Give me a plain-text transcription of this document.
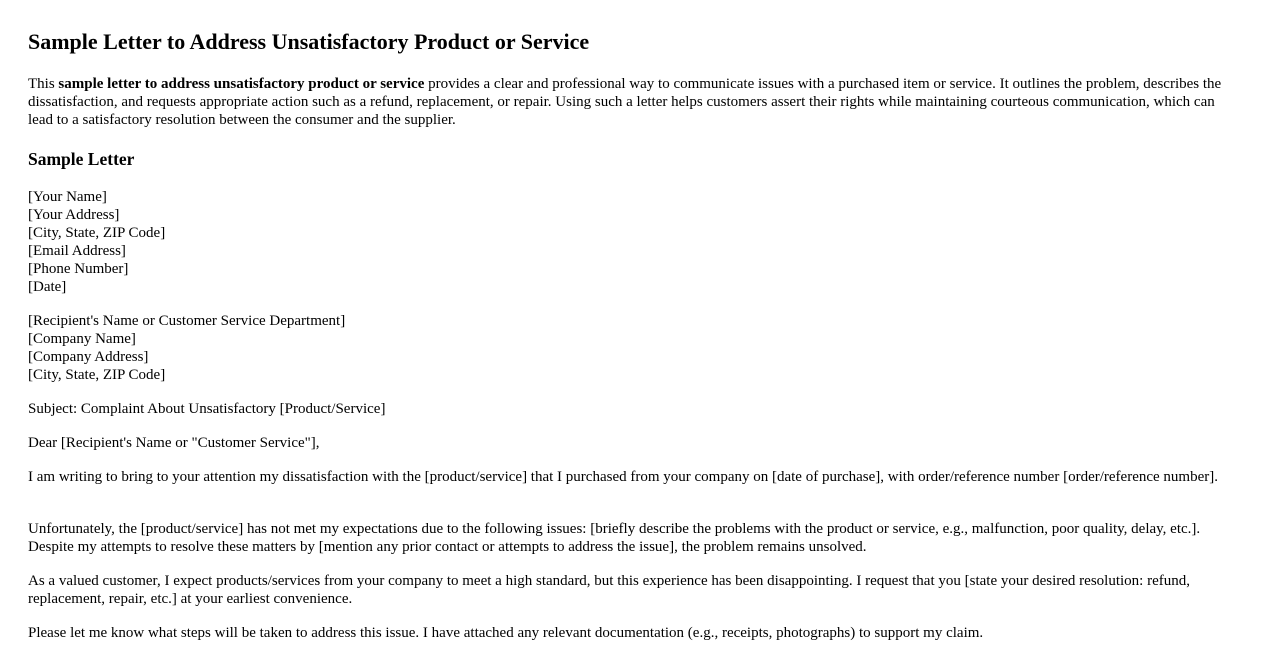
Sample Letter to Address Unsatisfactory Product or Service

This sample letter to address unsatisfactory product or service provides a clear and professional way to communicate issues with a purchased item or service. It outlines the problem, describes the dissatisfaction, and requests appropriate action such as a refund, replacement, or repair. Using such a letter helps customers assert their rights while maintaining courteous communication, which can lead to a satisfactory resolution between the consumer and the supplier.

Sample Letter
[Your Name]
[Your Address]
[City, State, ZIP Code]
[Email Address]
[Phone Number]
[Date]
[Recipient's Name or Customer Service Department]
[Company Name]
[Company Address]
[City, State, ZIP Code]

Subject: Complaint About Unsatisfactory [Product/Service]

Dear [Recipient's Name or "Customer Service"],

I am writing to bring to your attention my dissatisfaction with the [product/service] that I purchased from your company on [date of purchase], with order/reference number [order/reference number].

Unfortunately, the [product/service] has not met my expectations due to the following issues: [briefly describe the problems with the product or service, e.g., malfunction, poor quality, delay, etc.]. Despite my attempts to resolve these matters by [mention any prior contact or attempts to address the issue], the problem remains unsolved.

As a valued customer, I expect products/services from your company to meet a high standard, but this experience has been disappointing. I request that you [state your desired resolution: refund, replacement, repair, etc.] at your earliest convenience.

Please let me know what steps will be taken to address this issue. I have attached any relevant documentation (e.g., receipts, photographs) to support my claim.
